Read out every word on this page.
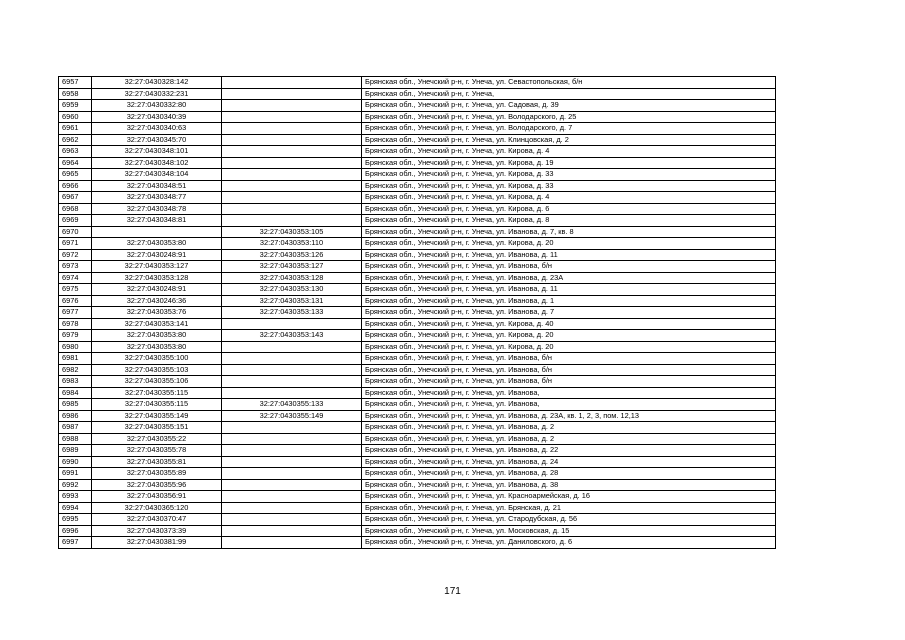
6957	32:27:0430328:142		Брянская обл., Унечский р-н, г. Унеча, ул. Севастопольская, б/н
6958	32:27:0430332:231		Брянская обл., Унечский р-н, г. Унеча,
6959	32:27:0430332:80		Брянская обл., Унечский р-н, г. Унеча, ул. Садовая, д. 39
6960	32:27:0430340:39		Брянская обл., Унечский р-н, г. Унеча, ул. Володарского, д. 25
6961	32:27:0430340:63		Брянская обл., Унечский р-н, г. Унеча, ул. Володарского, д. 7
6962	32:27:0430345:70		Брянская обл., Унечский р-н, г. Унеча, ул. Клинцовская, д. 2
6963	32:27:0430348:101		Брянская обл., Унечский р-н, г. Унеча, ул. Кирова, д. 4
6964	32:27:0430348:102		Брянская обл., Унечский р-н, г. Унеча, ул. Кирова, д. 19
6965	32:27:0430348:104		Брянская обл., Унечский р-н, г. Унеча, ул. Кирова, д. 33
6966	32:27:0430348:51		Брянская обл., Унечский р-н, г. Унеча, ул. Кирова, д. 33
6967	32:27:0430348:77		Брянская обл., Унечский р-н, г. Унеча, ул. Кирова, д. 4
6968	32:27:0430348:78		Брянская обл., Унечский р-н, г. Унеча, ул. Кирова, д. 6
6969	32:27:0430348:81		Брянская обл., Унечский р-н, г. Унеча, ул. Кирова, д. 8
6970		32:27:0430353:105	Брянская обл., Унечский р-н, г. Унеча, ул. Иванова, д. 7, кв. 8
6971	32:27:0430353:80	32:27:0430353:110	Брянская обл., Унечский р-н, г. Унеча, ул. Кирова, д. 20
6972	32:27:0430248:91	32:27:0430353:126	Брянская обл., Унечский р-н, г. Унеча, ул. Иванова, д. 11
6973	32:27:0430353:127	32:27:0430353:127	Брянская обл., Унечский р-н, г. Унеча, ул. Иванова, б/н
6974	32:27:0430353:128	32:27:0430353:128	Брянская обл., Унечский р-н, г. Унеча, ул. Иванова, д. 23А
6975	32:27:0430248:91	32:27:0430353:130	Брянская обл., Унечский р-н, г. Унеча, ул. Иванова, д. 11
6976	32:27:0430246:36	32:27:0430353:131	Брянская обл., Унечский р-н, г. Унеча, ул. Иванова, д. 1
6977	32:27:0430353:76	32:27:0430353:133	Брянская обл., Унечский р-н, г. Унеча, ул. Иванова, д. 7
6978	32:27:0430353:141		Брянская обл., Унечский р-н, г. Унеча, ул. Кирова, д. 40
6979	32:27:0430353:80	32:27:0430353:143	Брянская обл., Унечский р-н, г. Унеча, ул. Кирова, д. 20
6980	32:27:0430353:80		Брянская обл., Унечский р-н, г. Унеча, ул. Кирова, д. 20
6981	32:27:0430355:100		Брянская обл., Унечский р-н, г. Унеча, ул. Иванова, б/н
6982	32:27:0430355:103		Брянская обл., Унечский р-н, г. Унеча, ул. Иванова, б/н
6983	32:27:0430355:106		Брянская обл., Унечский р-н, г. Унеча, ул. Иванова, б/н
6984	32:27:0430355:115		Брянская обл., Унечский р-н, г. Унеча, ул. Иванова,
6985	32:27:0430355:115	32:27:0430355:133	Брянская обл., Унечский р-н, г. Унеча, ул. Иванова,
6986	32:27:0430355:149	32:27:0430355:149	Брянская обл., Унечский р-н, г. Унеча, ул. Иванова, д. 23А, кв. 1, 2, 3, пом. 12,13
6987	32:27:0430355:151		Брянская обл., Унечский р-н, г. Унеча, ул. Иванова, д. 2
6988	32:27:0430355:22		Брянская обл., Унечский р-н, г. Унеча, ул. Иванова, д. 2
6989	32:27:0430355:78		Брянская обл., Унечский р-н, г. Унеча, ул. Иванова, д. 22
6990	32:27:0430355:81		Брянская обл., Унечский р-н, г. Унеча, ул. Иванова, д. 24
6991	32:27:0430355:89		Брянская обл., Унечский р-н, г. Унеча, ул. Иванова, д. 28
6992	32:27:0430355:96		Брянская обл., Унечский р-н, г. Унеча, ул. Иванова, д. 38
6993	32:27:0430356:91		Брянская обл., Унечский р-н, г. Унеча, ул. Красноармейская, д. 16
6994	32:27:0430365:120		Брянская обл., Унечский р-н, г. Унеча, ул. Брянская, д. 21
6995	32:27:0430370:47		Брянская обл., Унечский р-н, г. Унеча, ул. Стародубская, д. 56
6996	32:27:0430373:39		Брянская обл., Унечский р-н, г. Унеча, ул. Московская, д. 15
6997	32:27:0430381:99		Брянская обл., Унечский р-н, г. Унеча, ул. Даниловского, д. 6
171
